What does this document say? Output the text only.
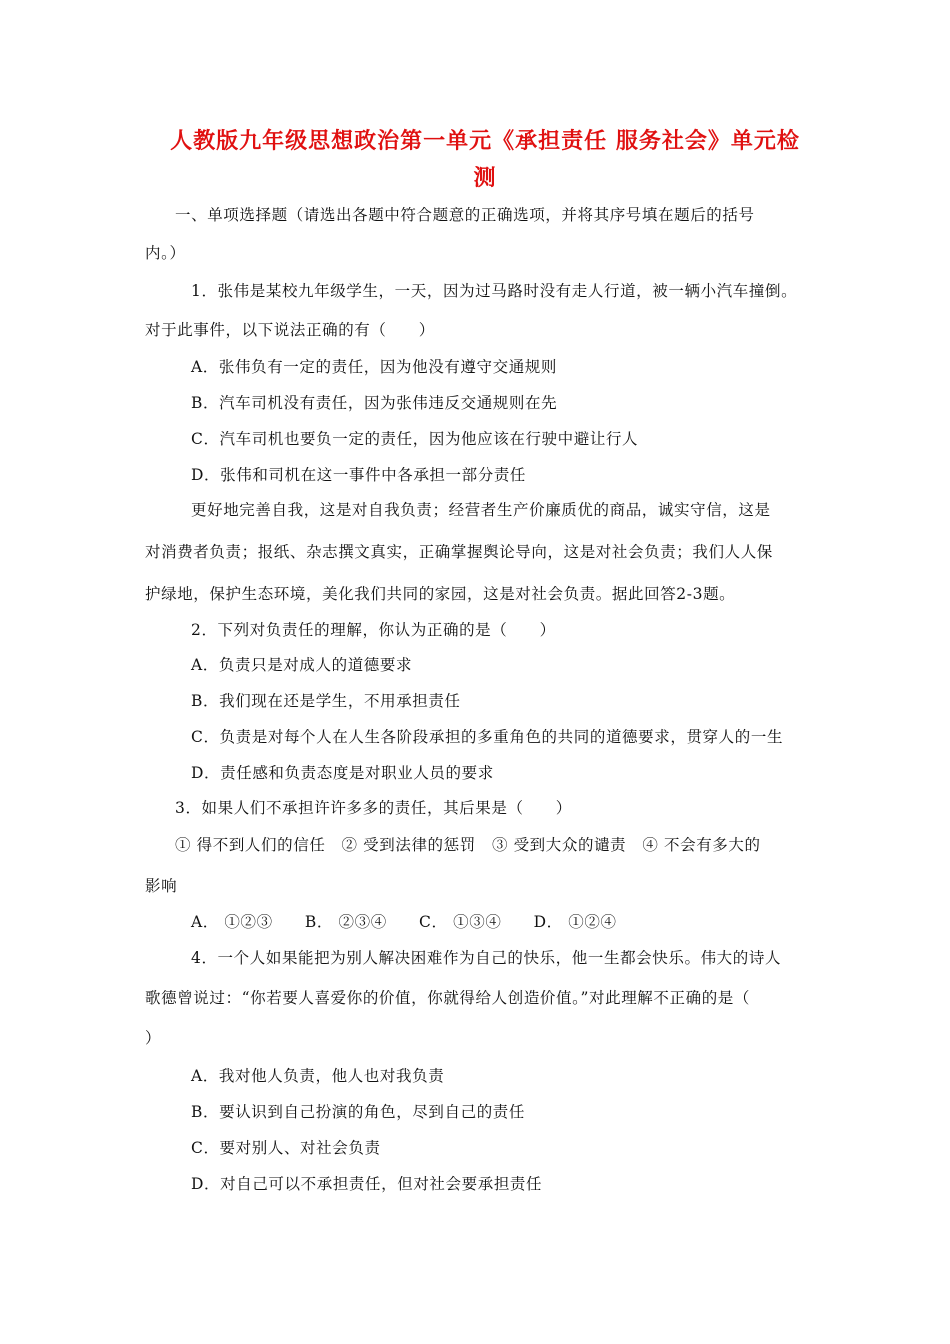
人教版九年级思想政治第一单元《承担责任 服务社会》单元检
测
一、单项选择题（请选出各题中符合题意的正确选项，并将其序号填在题后的括号
内。）
1．张伟是某校九年级学生，一天，因为过马路时没有走人行道，被一辆小汽车撞倒。
对于此事件，以下说法正确的有（　　）
A．张伟负有一定的责任，因为他没有遵守交通规则
B．汽车司机没有责任，因为张伟违反交通规则在先
C．汽车司机也要负一定的责任，因为他应该在行驶中避让行人
D．张伟和司机在这一事件中各承担一部分责任
更好地完善自我，这是对自我负责；经营者生产价廉质优的商品，诚实守信，这是
对消费者负责；报纸、杂志撰文真实，正确掌握舆论导向，这是对社会负责；我们人人保
护绿地，保护生态环境，美化我们共同的家园，这是对社会负责。据此回答2-3题。
2．下列对负责任的理解，你认为正确的是（　　）
A．负责只是对成人的道德要求
B．我们现在还是学生，不用承担责任
C．负责是对每个人在人生各阶段承担的多重角色的共同的道德要求，贯穿人的一生
D．责任感和负责态度是对职业人员的要求
3．如果人们不承担许许多多的责任，其后果是（　　）
① 得不到人们的信任　② 受到法律的惩罚　③ 受到大众的谴责　④ 不会有多大的
影响
A． ①②③　　B． ②③④　　C． ①③④　　D． ①②④
4．一个人如果能把为别人解决困难作为自己的快乐，他一生都会快乐。伟大的诗人
歌德曾说过：“你若要人喜爱你的价值，你就得给人创造价值。”对此理解不正确的是（
）
A．我对他人负责，他人也对我负责
B．要认识到自己扮演的角色，尽到自己的责任
C．要对别人、对社会负责
D．对自己可以不承担责任，但对社会要承担责任
